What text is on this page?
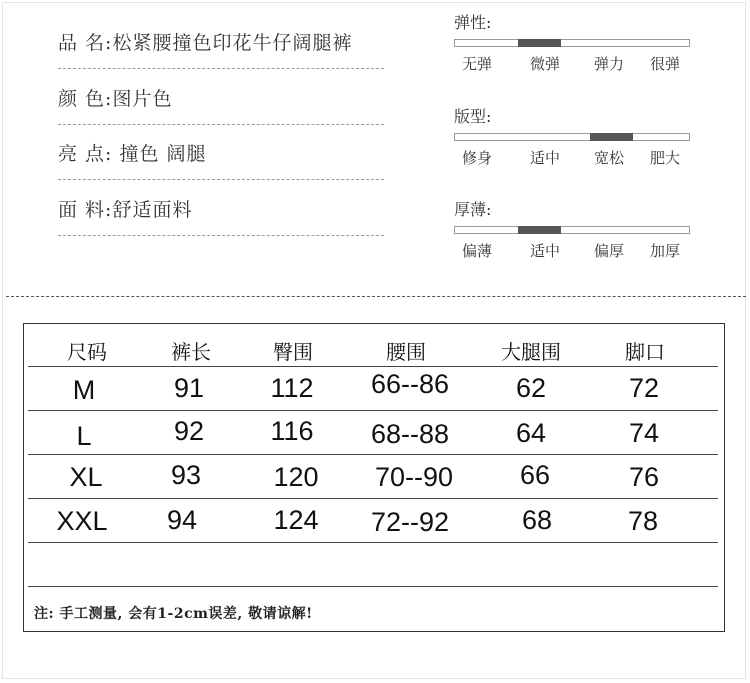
品 名:松紧腰撞色印花牛仔阔腿裤
颜 色:图片色
亮 点: 撞色 阔腿
面 料:舒适面料
弹性:
无弹	微弹 弹力 很弹
版型:
修身	适中 宽松 肥大
厚薄:
偏薄	适中 偏厚 加厚
尺码	裤长	臀围	腰围	大腿围	脚口
M	91	112	66--86	62	72
L	92	116	68--88	64	74
XL	93	120	70--90	66	76
XXL	94	124	72--92	68	78
注: 手工测量, 会有1-2cm误差, 敬请谅解!
